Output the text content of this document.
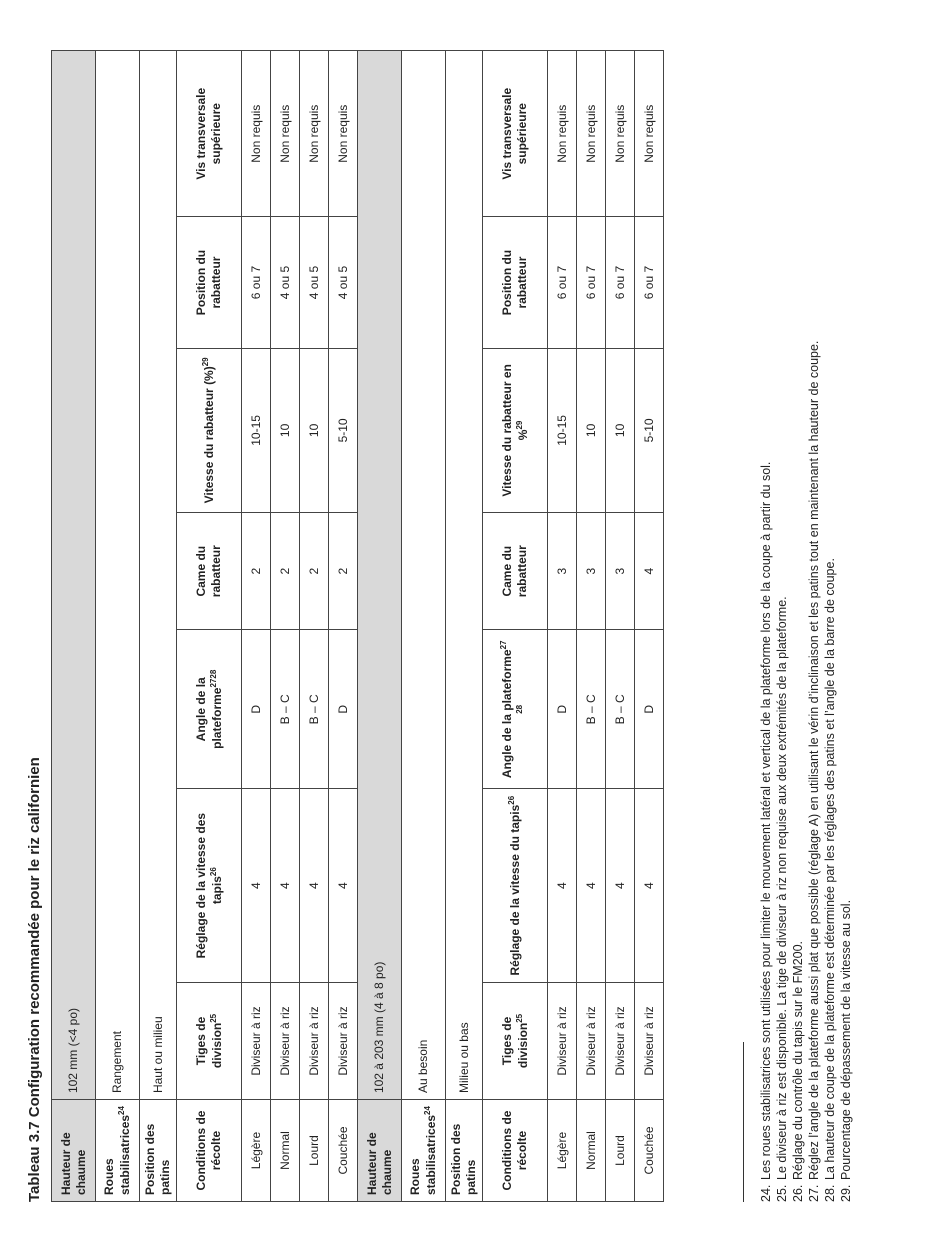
Tableau 3.7 Configuration recommandée pour le riz californien Hauteur de chaume	102 mm (<4 po)						
Roues stabilisatrices$^{24}$	Rangement						
Position des patins	Haut ou milieu						
Conditions de récolte	Tiges de division$^{25}$	Réglage de la vitesse des tapis$^{26}$	Angle de la plateforme$^{2728}$	Came du rabatteur	Vitesse du rabatteur (%)$^{29}$	Position du rabatteur	Vis transversale supérieure
Légère	Diviseur à riz	4	D	2	10-15	6 ou 7	Non requis
Normal	Diviseur à riz	4	B – C	2	10	4 ou 5	Non requis
Lourd	Diviseur à riz	4	B – C	2	10	4 ou 5	Non requis
Couchée	Diviseur à riz	4	D	2	5-10	4 ou 5	Non requis
Hauteur de chaume	102 à 203 mm (4 à 8 po)						
Roues stabilisatrices$^{24}$	Au besoin						
Position des patins	Milieu ou bas						
Conditions de récolte	Tiges de division$^{25}$	Réglage de la vitesse du tapis$^{26}$	Angle de la plateforme$^{27 28}$	Came du rabatteur	Vitesse du rabatteur en %$^{29}$	Position du rabatteur	Vis transversale supérieure
Légère	Diviseur à riz	4	D	3	10-15	6 ou 7	Non requis
Normal	Diviseur à riz	4	B – C	3	10	6 ou 7	Non requis
Lourd	Diviseur à riz	4	B – C	3	10	6 ou 7	Non requis
Couchée	Diviseur à riz	4	D	4	5-10	6 ou 7	Non requis
24.Les roues stabilisatrices sont utilisées pour limiter le mouvement latéral et vertical de la plateforme lors de la coupe à partir du sol.
25.Le diviseur à riz est disponible. La tige de diviseur à riz non requise aux deux extrémités de la plateforme.
26.Réglage du contrôle du tapis sur le FM200.
27.Réglez l’angle de la plateforme aussi plat que possible (réglage A) en utilisant le vérin d’inclinaison et les patins tout en maintenant la hauteur de coupe.
28.La hauteur de coupe de la plateforme est déterminée par les réglages des patins et l’angle de la barre de coupe.
29.Pourcentage de dépassement de la vitesse au sol.
